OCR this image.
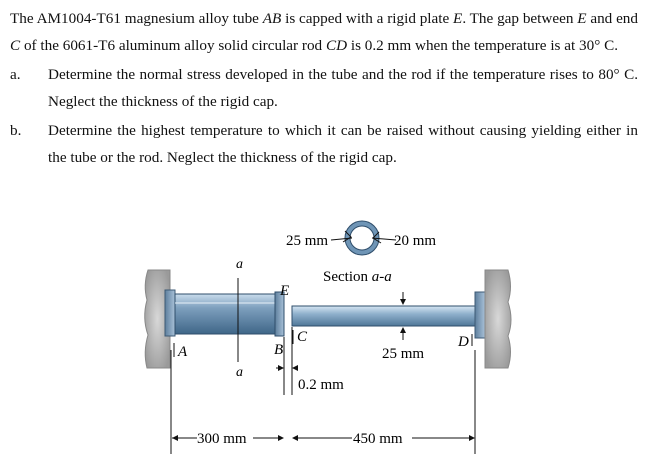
The AM1004-T61 magnesium alloy tube AB is capped with a rigid plate E. The gap between E and end C of the 6061-T6 aluminum alloy solid circular rod CD is 0.2 mm when the temperature is at 30° C.

a.	Determine the normal stress developed in the tube and the rod if the temperature rises to 80° C. Neglect the thickness of the rigid cap.
b.	Determine the highest temperature to which it can be raised without causing yielding either in the tube or the rod. Neglect the thickness of the rigid cap.
a
a
25 mm	20 mm
Section a-a
E
A	B
C	D
25 mm
0.2 mm
300 mm	450 mm
